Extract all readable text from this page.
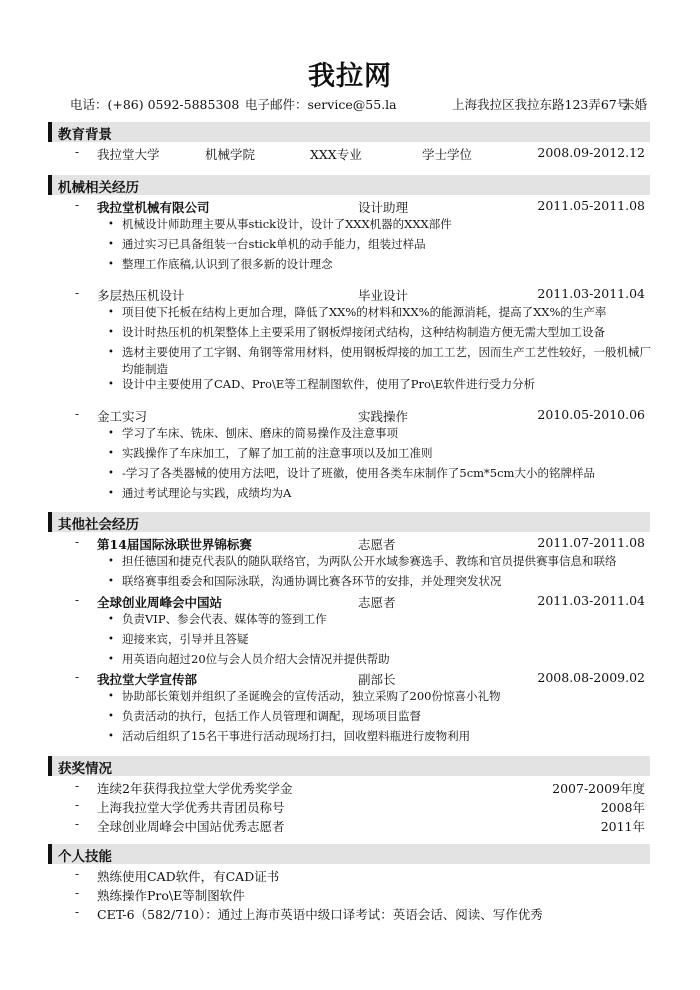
我拉网
电话：(+86) 0592-5885308 电子邮件：service@55.la	上海我拉区我拉东路123弄67号
未婚
教育背景
- 我拉堂大学	机械学院	XXX专业	学士学位	2008.09-2012.12
机械相关经历
- 我拉堂机械有限公司	设计助理	2011.05-2011.08
• 机械设计师助理主要从事stick设计，设计了XXX机器的XXX部件
• 通过实习已具备组装一台stick单机的动手能力，组装过样品
• 整理工作底稿,认识到了很多新的设计理念
- 多层热压机设计	毕业设计	2011.03-2011.04
• 项目使下托板在结构上更加合理，降低了XX%的材料和XX%的能源消耗，提高了XX%的生产率
• 设计时热压机的机架整体上主要采用了钢板焊接闭式结构，这种结构制造方便无需大型加工设备
• 选材主要使用了工字钢、角钢等常用材料，使用钢板焊接的加工工艺，因而生产工艺性较好，一般机械厂均能制造
• 设计中主要使用了CAD、Pro\E等工程制图软件，使用了Pro\E软件进行受力分析
- 金工实习	实践操作	2010.05-2010.06
• 学习了车床、铣床、刨床、磨床的简易操作及注意事项
• 实践操作了车床加工，了解了加工前的注意事项以及加工准则
• -学习了各类器械的使用方法吧，设计了班徽，使用各类车床制作了5cm*5cm大小的铭牌样品
• 通过考试理论与实践，成绩均为A
其他社会经历
- 第14届国际泳联世界锦标赛	志愿者	2011.07-2011.08
• 担任德国和捷克代表队的随队联络官，为两队公开水域参赛选手、教练和官员提供赛事信息和联络
• 联络赛事组委会和国际泳联，沟通协调比赛各环节的安排，并处理突发状况
- 全球创业周峰会中国站	志愿者	2011.03-2011.04
• 负责VIP、参会代表、媒体等的签到工作
• 迎接来宾，引导并且答疑
• 用英语向超过20位与会人员介绍大会情况并提供帮助
- 我拉堂大学宣传部	副部长	2008.08-2009.02
• 协助部长策划并组织了圣诞晚会的宣传活动，独立采购了200份惊喜小礼物
• 负责活动的执行，包括工作人员管理和调配，现场项目监督
• 活动后组织了15名干事进行活动现场打扫，回收塑料瓶进行废物利用
获奖情况
- 连续2年获得我拉堂大学优秀奖学金	2007-2009年度
- 上海我拉堂大学优秀共青团员称号	2008年
- 全球创业周峰会中国站优秀志愿者	2011年
个人技能
- 熟练使用CAD软件，有CAD证书
- 熟练操作Pro\E等制图软件
- CET-6（582/710）：通过上海市英语中级口译考试：英语会话、阅读、写作优秀
